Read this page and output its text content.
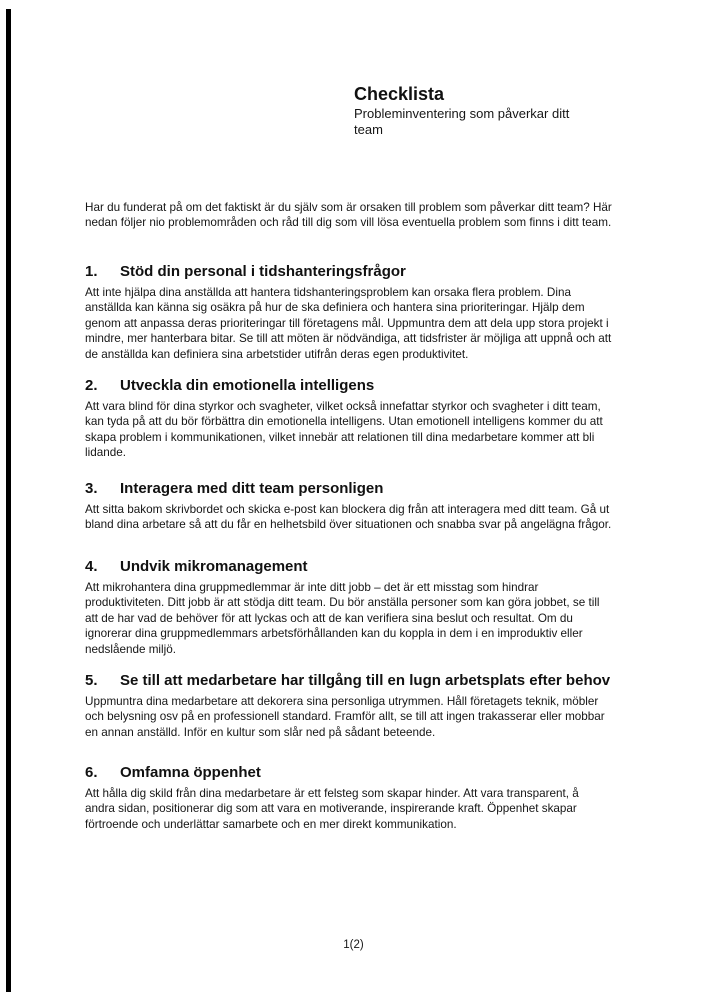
Checklista

Probleminventering som påverkar ditt
team

Har du funderat på om det faktiskt är du själv som är orsaken till problem som påverkar ditt team? Här
nedan följer nio problemområden och råd till dig som vill lösa eventuella problem som finns i ditt team.

1. Stöd din personal i tidshanteringsfrågor

Att inte hjälpa dina anställda att hantera tidshanteringsproblem kan orsaka flera problem. Dina
anställda kan känna sig osäkra på hur de ska definiera och hantera sina prioriteringar. Hjälp dem
genom att anpassa deras prioriteringar till företagens mål. Uppmuntra dem att dela upp stora projekt i
mindre, mer hanterbara bitar. Se till att möten är nödvändiga, att tidsfrister är möjliga att uppnå och att
de anställda kan definiera sina arbetstider utifrån deras egen produktivitet.

2. Utveckla din emotionella intelligens

Att vara blind för dina styrkor och svagheter, vilket också innefattar styrkor och svagheter i ditt team,
kan tyda på att du bör förbättra din emotionella intelligens. Utan emotionell intelligens kommer du att
skapa problem i kommunikationen, vilket innebär att relationen till dina medarbetare kommer att bli
lidande.

3. Interagera med ditt team personligen

Att sitta bakom skrivbordet och skicka e-post kan blockera dig från att interagera med ditt team. Gå ut
bland dina arbetare så att du får en helhetsbild över situationen och snabba svar på angelägna frågor.

4. Undvik mikromanagement

Att mikrohantera dina gruppmedlemmar är inte ditt jobb – det är ett misstag som hindrar
produktiviteten. Ditt jobb är att stödja ditt team. Du bör anställa personer som kan göra jobbet, se till
att de har vad de behöver för att lyckas och att de kan verifiera sina beslut och resultat. Om du
ignorerar dina gruppmedlemmars arbetsförhållanden kan du koppla in dem i en improduktiv eller
nedslående miljö.

5. Se till att medarbetare har tillgång till en lugn arbetsplats efter behov

Uppmuntra dina medarbetare att dekorera sina personliga utrymmen. Håll företagets teknik, möbler
och belysning osv på en professionell standard. Framför allt, se till att ingen trakasserar eller mobbar
en annan anställd. Inför en kultur som slår ned på sådant beteende.

6. Omfamna öppenhet

Att hålla dig skild från dina medarbetare är ett felsteg som skapar hinder. Att vara transparent, å
andra sidan, positionerar dig som att vara en motiverande, inspirerande kraft. Öppenhet skapar
förtroende och underlättar samarbete och en mer direkt kommunikation.

1(2)
